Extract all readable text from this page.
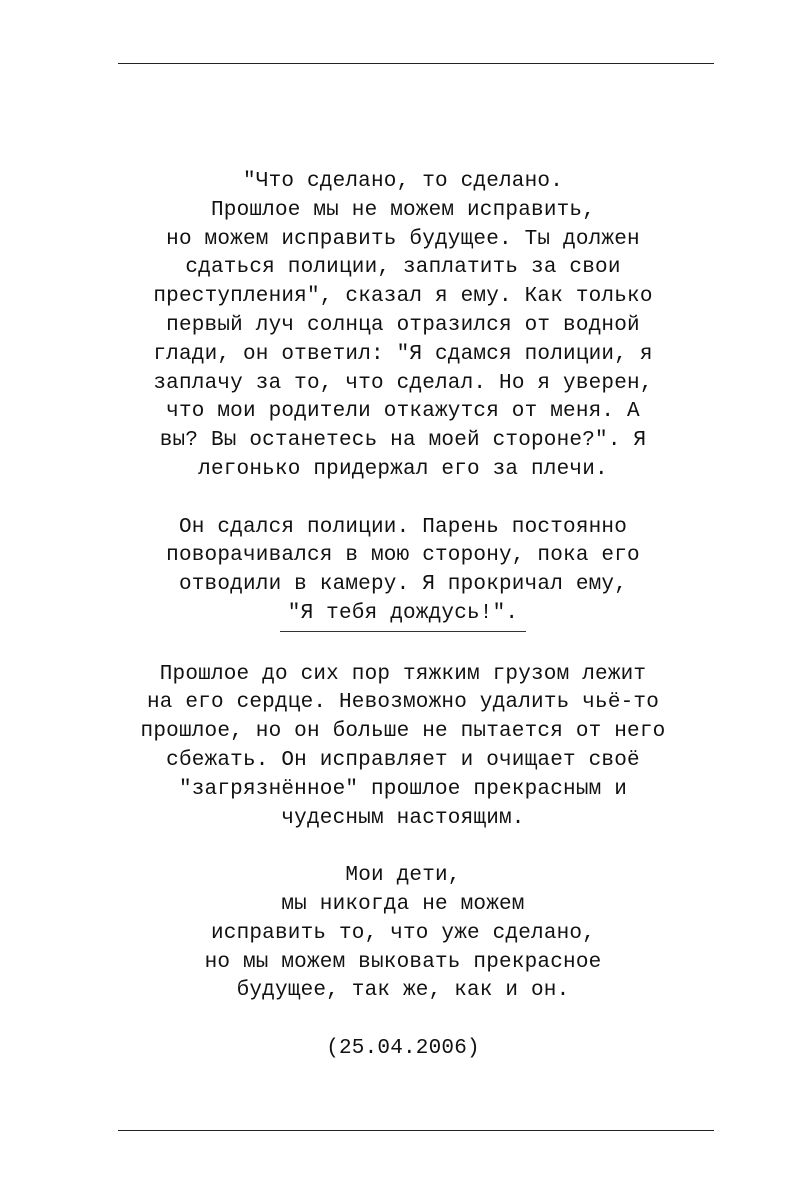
"Что сделано, то сделано.
Прошлое мы не можем исправить,
но можем исправить будущее. Ты должен
сдаться полиции, заплатить за свои
преступления", сказал я ему. Как только
первый луч солнца отразился от водной
глади, он ответил: "Я сдамся полиции, я
заплачу за то, что сделал. Но я уверен,
что мои родители откажутся от меня. А
вы? Вы останетесь на моей стороне?". Я
легонько придержал его за плечи.

Он сдался полиции. Парень постоянно
поворачивался в мою сторону, пока его
отводили в камеру. Я прокричал ему,
"Я тебя дождусь!".

Прошлое до сих пор тяжким грузом лежит
на его сердце. Невозможно удалить чьё-то
прошлое, но он больше не пытается от него
сбежать. Он исправляет и очищает своё
"загрязнённое" прошлое прекрасным и
чудесным настоящим.

Мои дети,
мы никогда не можем
исправить то, что уже сделано,
но мы можем выковать прекрасное
будущее, так же, как и он.

(25.04.2006)
